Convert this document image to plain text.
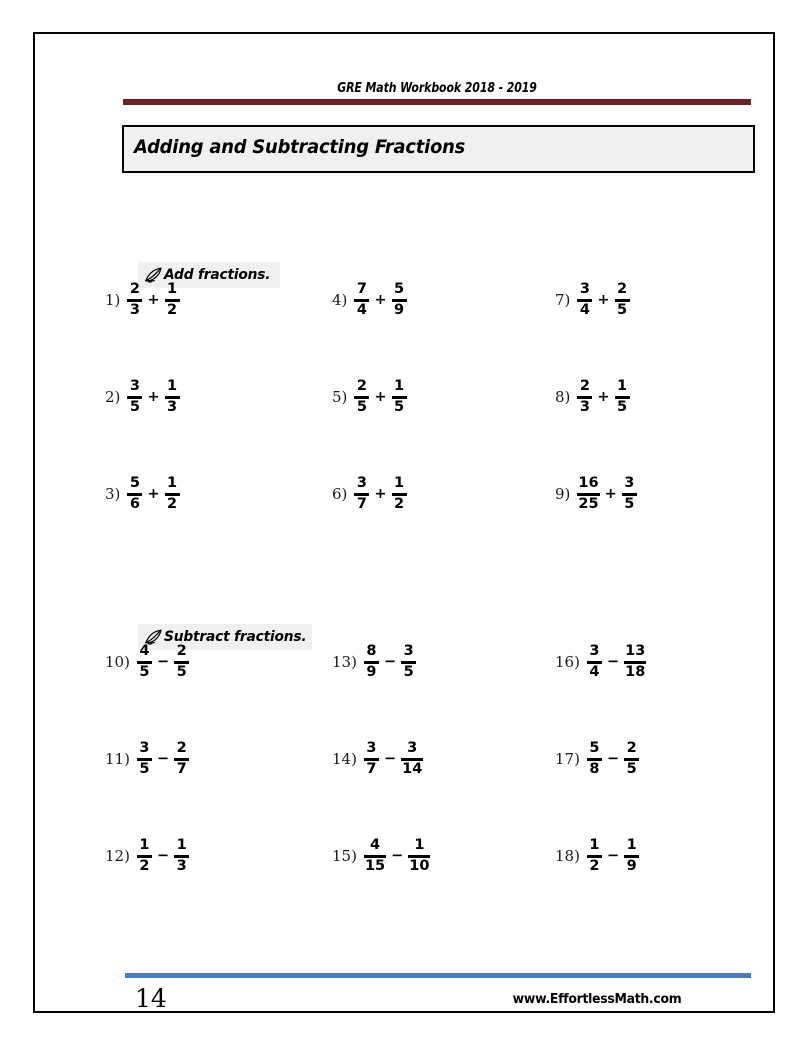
GRE Math Workbook 2018 - 2019
Adding and Subtracting Fractions
Add fractions.
Subtract fractions.
$1) \frac{2}{3} + \frac{1}{2}$
$2) \frac{3}{5} + \frac{1}{3}$
$3) \frac{5}{6} + \frac{1}{2}$
$4) \frac{7}{4} + \frac{5}{9}$
$5) \frac{2}{5} + \frac{1}{5}$
$6) \frac{3}{7} + \frac{1}{2}$
$7) \frac{3}{4} + \frac{2}{5}$
$8) \frac{2}{3} + \frac{1}{5}$
$9) \frac{16}{25} + \frac{3}{5}$
$10) \frac{4}{5} - \frac{2}{5}$
$11) \frac{3}{5} - \frac{2}{7}$
$12) \frac{1}{2} - \frac{1}{3}$
$13) \frac{8}{9} - \frac{3}{5}$
$14) \frac{3}{7} - \frac{3}{14}$
$15) \frac{4}{15} - \frac{1}{10}$
$16) \frac{3}{4} - \frac{13}{18}$
$17) \frac{5}{8} - \frac{2}{5}$
$18) \frac{1}{2} - \frac{1}{9}$
14	www.EffortlessMath.com
